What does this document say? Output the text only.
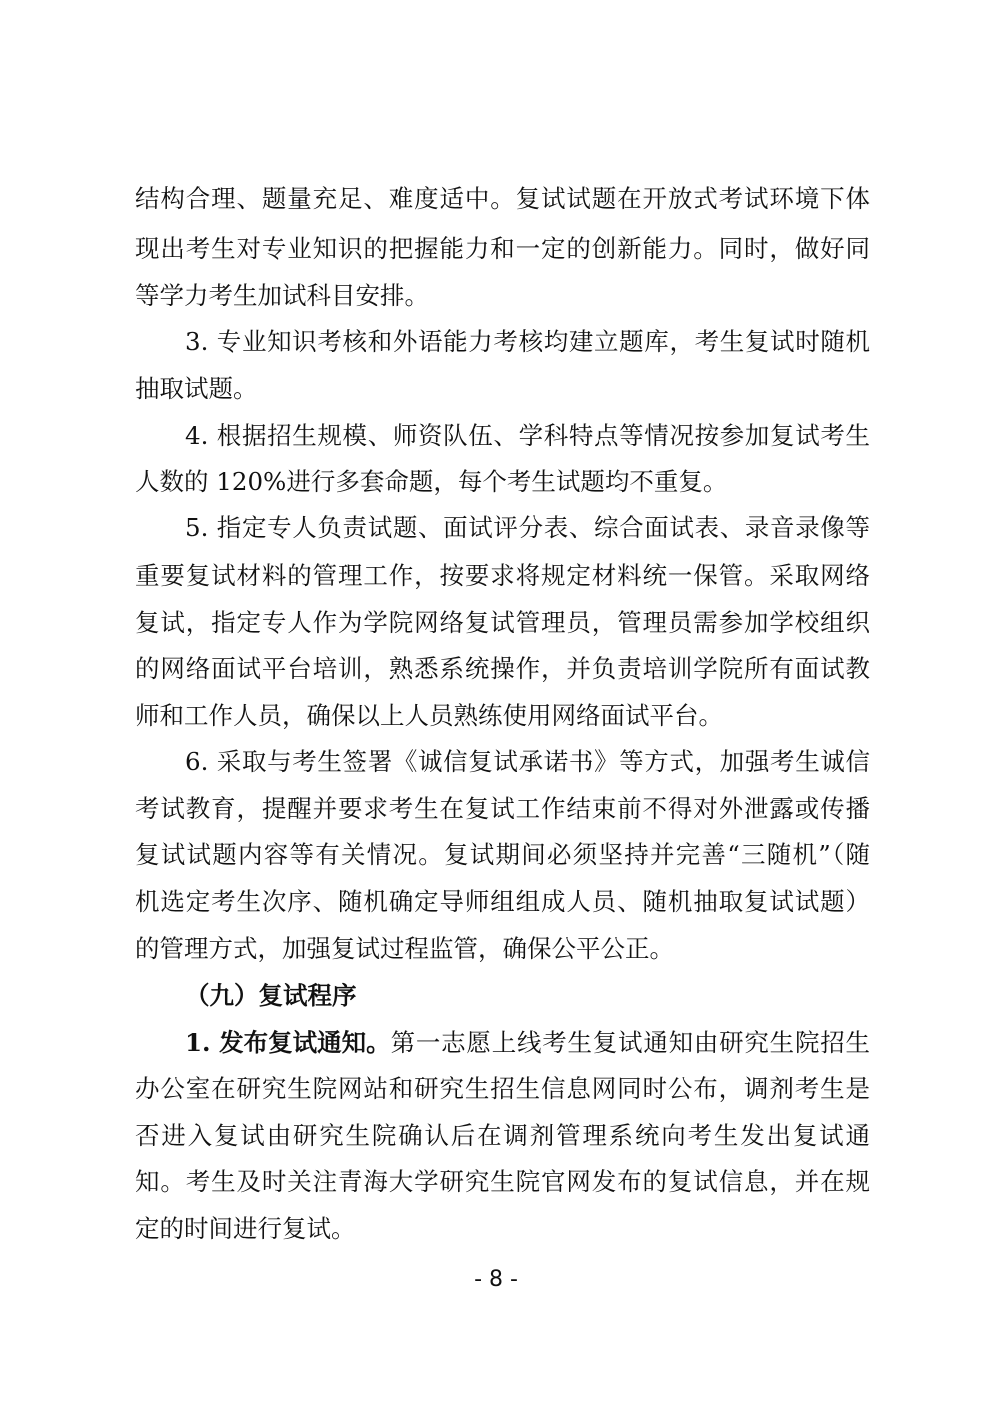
结构合理、题量充足、难度适中。复试试题在开放式考试环境下体
现出考生对专业知识的把握能力和一定的创新能力。同时，做好同
等学力考生加试科目安排。
3. 专业知识考核和外语能力考核均建立题库，考生复试时随机
抽取试题。
4. 根据招生规模、师资队伍、学科特点等情况按参加复试考生
人数的 120%进行多套命题，每个考生试题均不重复。
5. 指定专人负责试题、面试评分表、综合面试表、录音录像等
重要复试材料的管理工作，按要求将规定材料统一保管。采取网络
复试，指定专人作为学院网络复试管理员，管理员需参加学校组织
的网络面试平台培训，熟悉系统操作，并负责培训学院所有面试教
师和工作人员，确保以上人员熟练使用网络面试平台。
6. 采取与考生签署《诚信复试承诺书》等方式，加强考生诚信
考试教育，提醒并要求考生在复试工作结束前不得对外泄露或传播
复试试题内容等有关情况。复试期间必须坚持并完善“三随机”（随
机选定考生次序、随机确定导师组组成人员、随机抽取复试试题）
的管理方式，加强复试过程监管，确保公平公正。
（九）复试程序
1. 发布复试通知。 第一志愿上线考生复试通知由研究生院招生
办公室在研究生院网站和研究生招生信息网同时公布，调剂考生是
否进入复试由研究生院确认后在调剂管理系统向考生发出复试通
知。考生及时关注青海大学研究生院官网发布的复试信息，并在规
定的时间进行复试。
- 8 -
